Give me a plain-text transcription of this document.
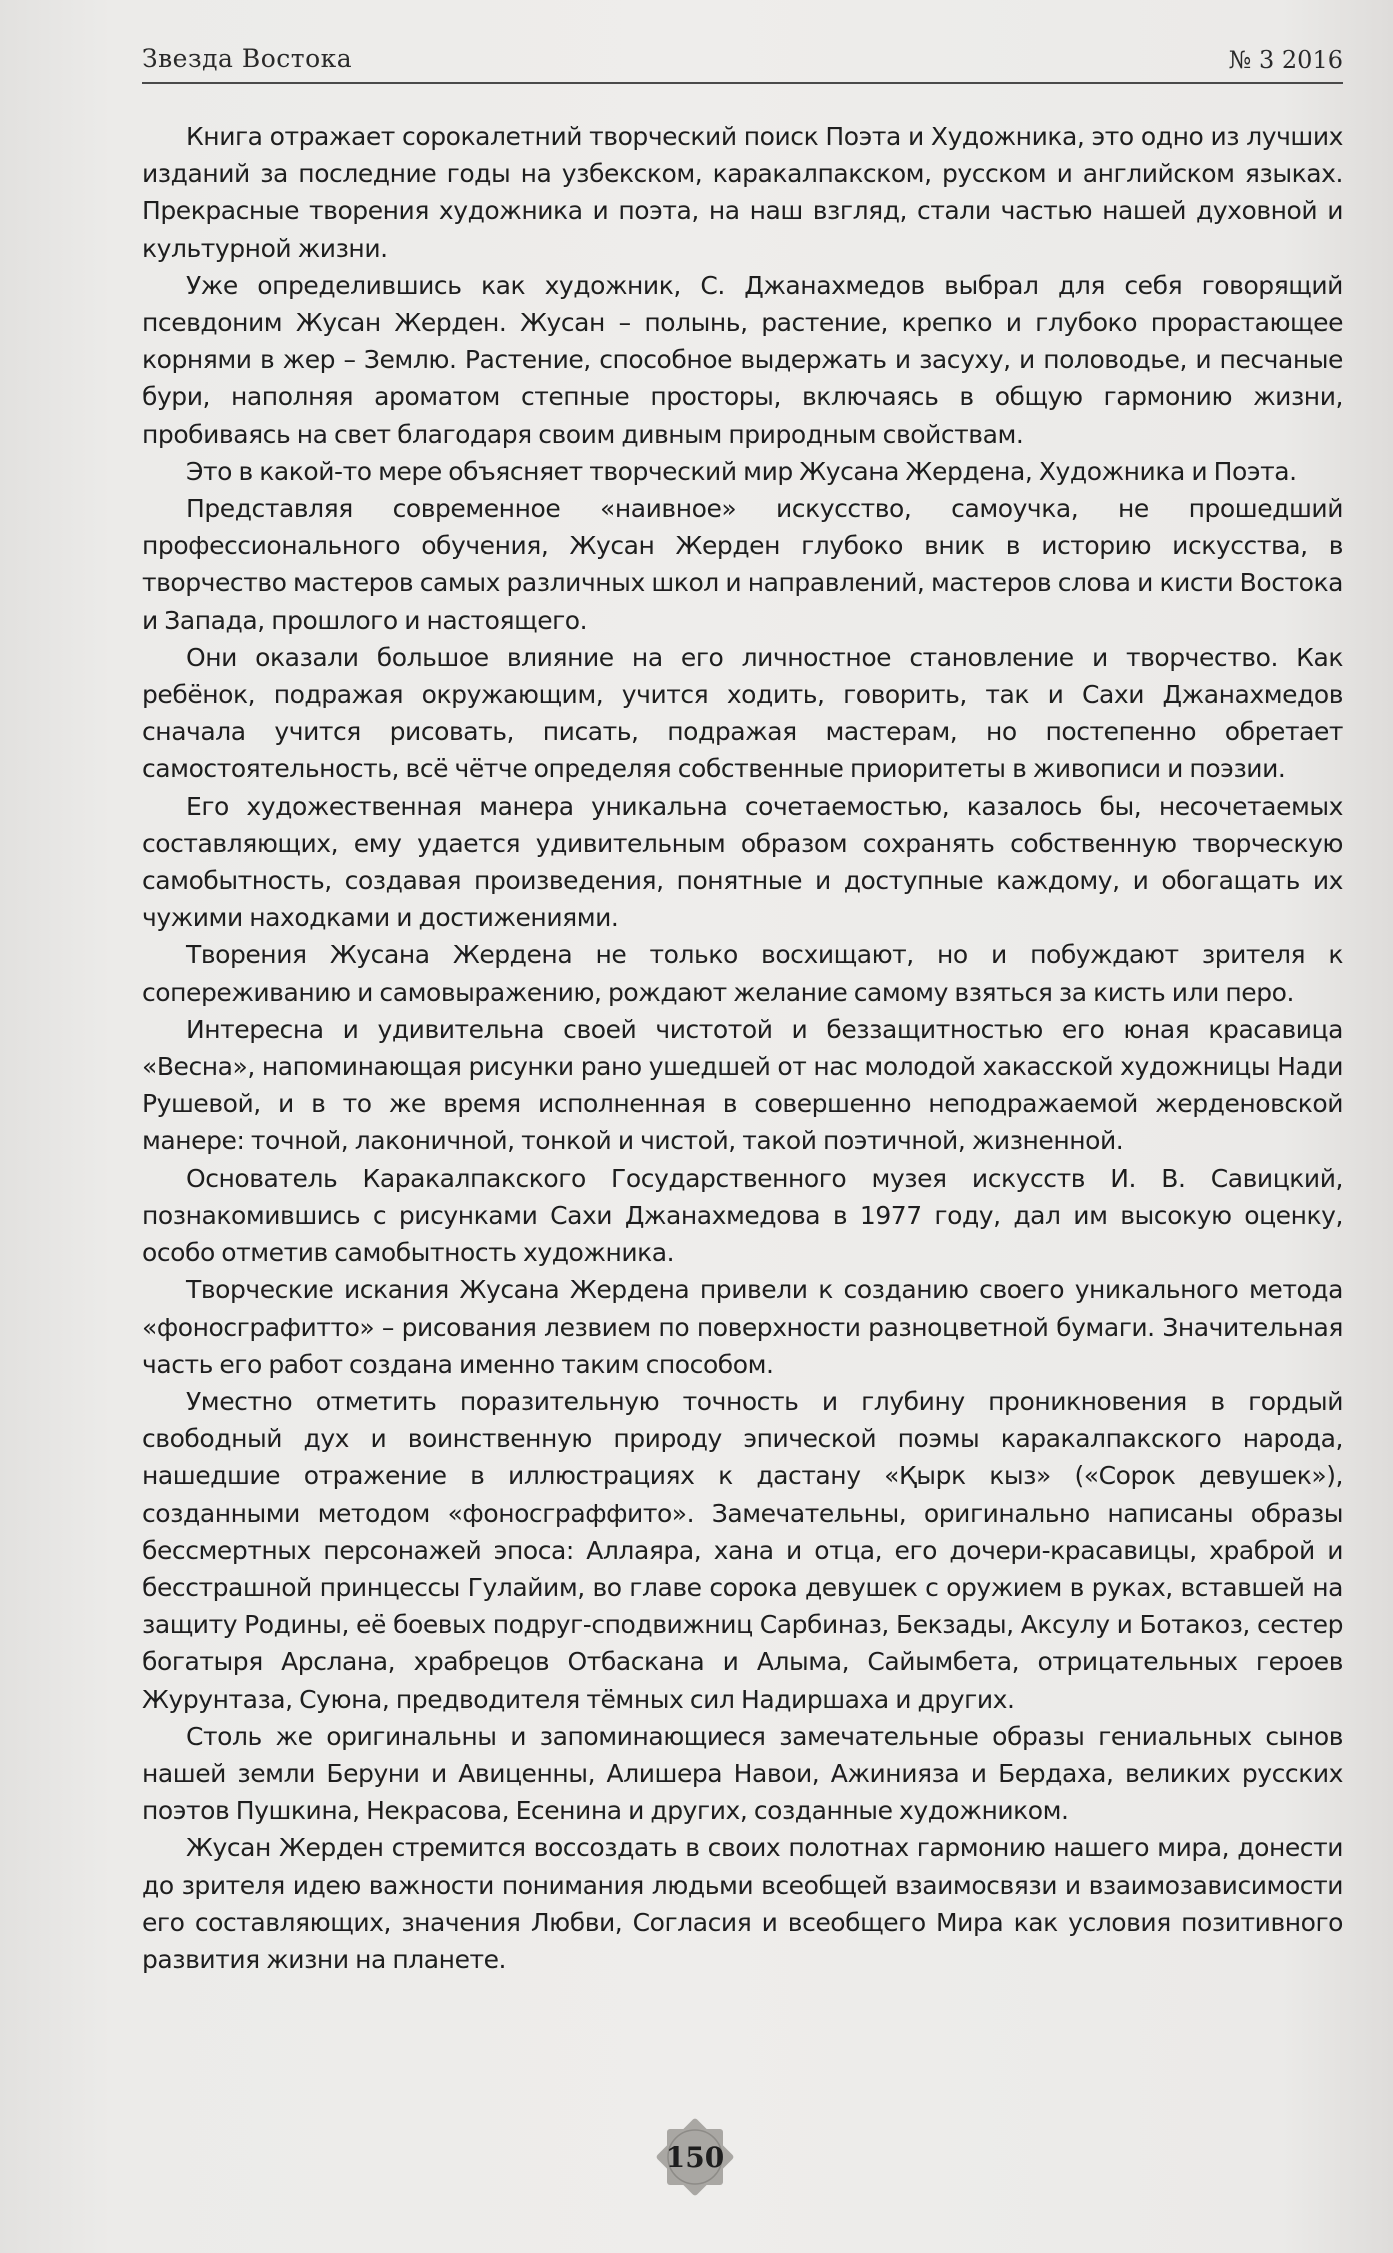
Звезда Востока	№ 3 2016

Книга отражает сорокалетний творческий поиск Поэта и Художника, это одно из лучших изданий за последние годы на узбекском, каракалпакском, русском и английском языках. Прекрасные творения художника и поэта, на наш взгляд, стали частью нашей духовной и культурной жизни.

Уже определившись как художник, С. Джанахмедов выбрал для себя говорящий псевдоним Жусан Жерден. Жусан – полынь, растение, крепко и глубоко прорастающее корнями в жер – Землю. Растение, способное выдержать и засуху, и половодье, и песчаные бури, наполняя ароматом степные просторы, включаясь в общую гармонию жизни, пробиваясь на свет благодаря своим дивным природным свойствам.

Это в какой-то мере объясняет творческий мир Жусана Жердена, Художника и Поэта.

Представляя современное «наивное» искусство, самоучка, не прошедший профессионального обучения, Жусан Жерден глубоко вник в историю искусства, в творчество мастеров самых различных школ и направлений, мастеров слова и кисти Востока и Запада, прошлого и настоящего.

Они оказали большое влияние на его личностное становление и творчество. Как ребёнок, подражая окружающим, учится ходить, говорить, так и Сахи Джанахмедов сначала учится рисовать, писать, подражая мастерам, но постепенно обретает самостоятельность, всё чётче определяя собственные приоритеты в живописи и поэзии.

Его художественная манера уникальна сочетаемостью, казалось бы, несочетаемых составляющих, ему удается удивительным образом сохранять собственную творческую самобытность, создавая произведения, понятные и доступные каждому, и обогащать их чужими находками и достижениями.

Творения Жусана Жердена не только восхищают, но и побуждают зрителя к сопереживанию и самовыражению, рождают желание самому взяться за кисть или перо.

Интересна и удивительна своей чистотой и беззащитностью его юная красавица «Весна», напоминающая рисунки рано ушедшей от нас молодой хакасской художницы Нади Рушевой, и в то же время исполненная в совершенно неподражаемой жерденовской манере: точной, лаконичной, тонкой и чистой, такой поэтичной, жизненной.

Основатель Каракалпакского Государственного музея искусств И. В. Савицкий, познакомившись с рисунками Сахи Джанахмедова в 1977 году, дал им высокую оценку, особо отметив самобытность художника.

Творческие искания Жусана Жердена привели к созданию своего уникального метода «фоносграфитто» – рисования лезвием по поверхности разноцветной бумаги. Значительная часть его работ создана именно таким способом.

Уместно отметить поразительную точность и глубину проникновения в гордый свободный дух и воинственную природу эпической поэмы каракалпакского народа, нашедшие отражение в иллюстрациях к дастану «Қырк кыз» («Сорок девушек»), созданными методом «фоносграффито». Замечательны, оригинально написаны образы бессмертных персонажей эпоса: Аллаяра, хана и отца, его дочери-красавицы, храброй и бесстрашной принцессы Гулайим, во главе сорока девушек с оружием в руках, вставшей на защиту Родины, её боевых подруг-сподвижниц Сарбиназ, Бекзады, Аксулу и Ботакоз, сестер богатыря Арслана, храбрецов Отбаскана и Алыма, Сайымбета, отрицательных героев Журунтаза, Суюна, предводителя тёмных сил Надиршаха и других.

Столь же оригинальны и запоминающиеся замечательные образы гениальных сынов нашей земли Беруни и Авиценны, Алишера Навои, Ажинияза и Бердаха, великих русских поэтов Пушкина, Некрасова, Есенина и других, созданные художником.

Жусан Жерден стремится воссоздать в своих полотнах гармонию нашего мира, донести до зрителя идею важности понимания людьми всеобщей взаимосвязи и взаимозависимости его составляющих, значения Любви, Согласия и всеобщего Мира как условия позитивного развития жизни на планете.

150
